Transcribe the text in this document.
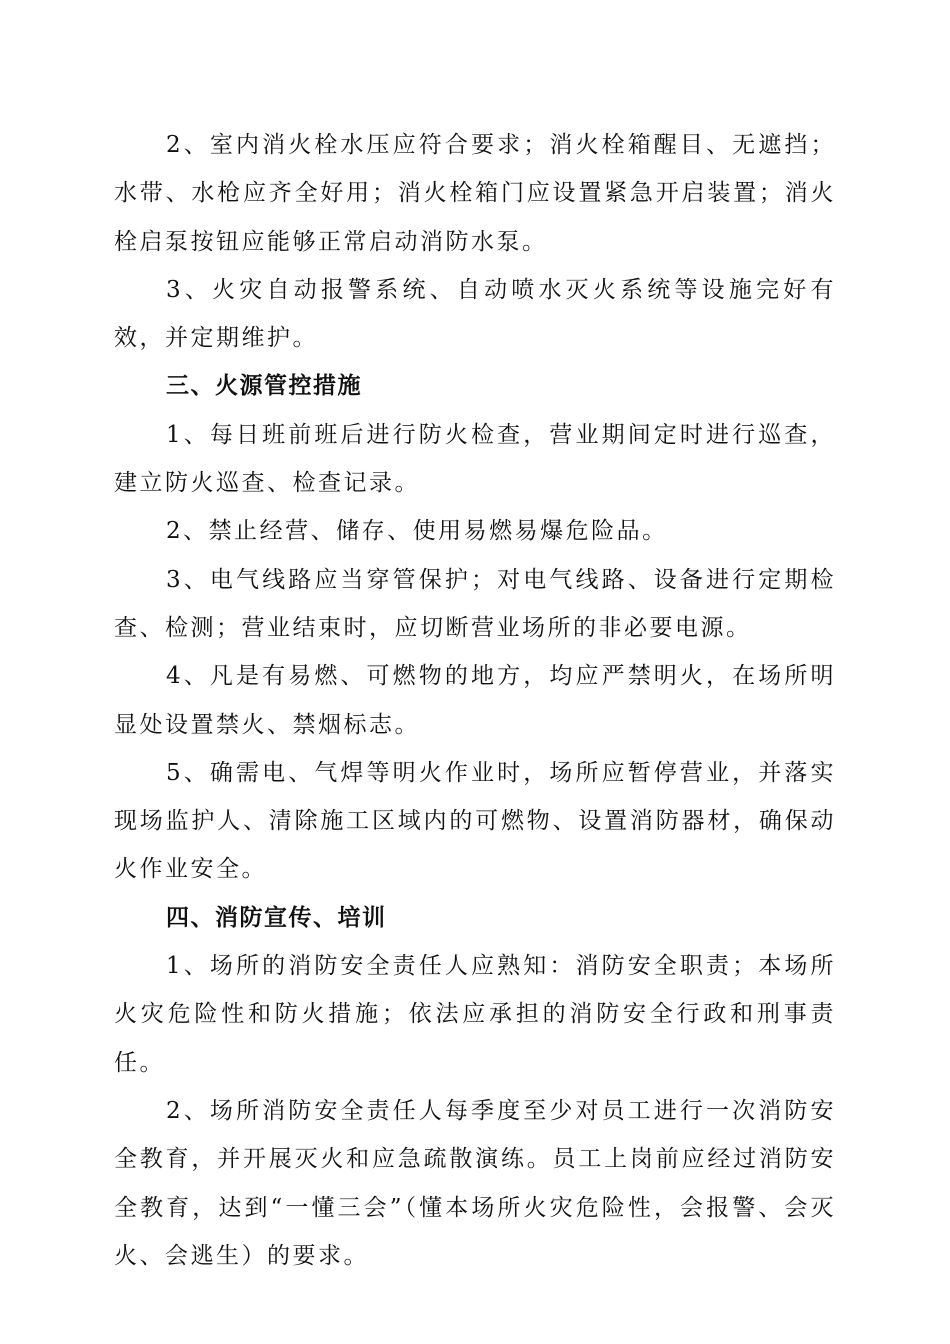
2、室内消火栓水压应符合要求；消火栓箱醒目、无遮挡；水带、水枪应齐全好用；消火栓箱门应设置紧急开启装置；消火栓启泵按钮应能够正常启动消防水泵。

3、火灾自动报警系统、自动喷水灭火系统等设施完好有效，并定期维护。

三、火源管控措施

1、每日班前班后进行防火检查，营业期间定时进行巡查，建立防火巡查、检查记录。

2、禁止经营、储存、使用易燃易爆危险品。

3、电气线路应当穿管保护；对电气线路、设备进行定期检查、检测；营业结束时，应切断营业场所的非必要电源。

4、凡是有易燃、可燃物的地方，均应严禁明火，在场所明显处设置禁火、禁烟标志。

5、确需电、气焊等明火作业时，场所应暂停营业，并落实现场监护人、清除施工区域内的可燃物、设置消防器材，确保动火作业安全。

四、消防宣传、培训

1、场所的消防安全责任人应熟知：消防安全职责；本场所火灾危险性和防火措施；依法应承担的消防安全行政和刑事责任。

2、场所消防安全责任人每季度至少对员工进行一次消防安全教育，并开展灭火和应急疏散演练。员工上岗前应经过消防安全教育，达到“一懂三会”（懂本场所火灾危险性，会报警、会灭火、会逃生）的要求。
